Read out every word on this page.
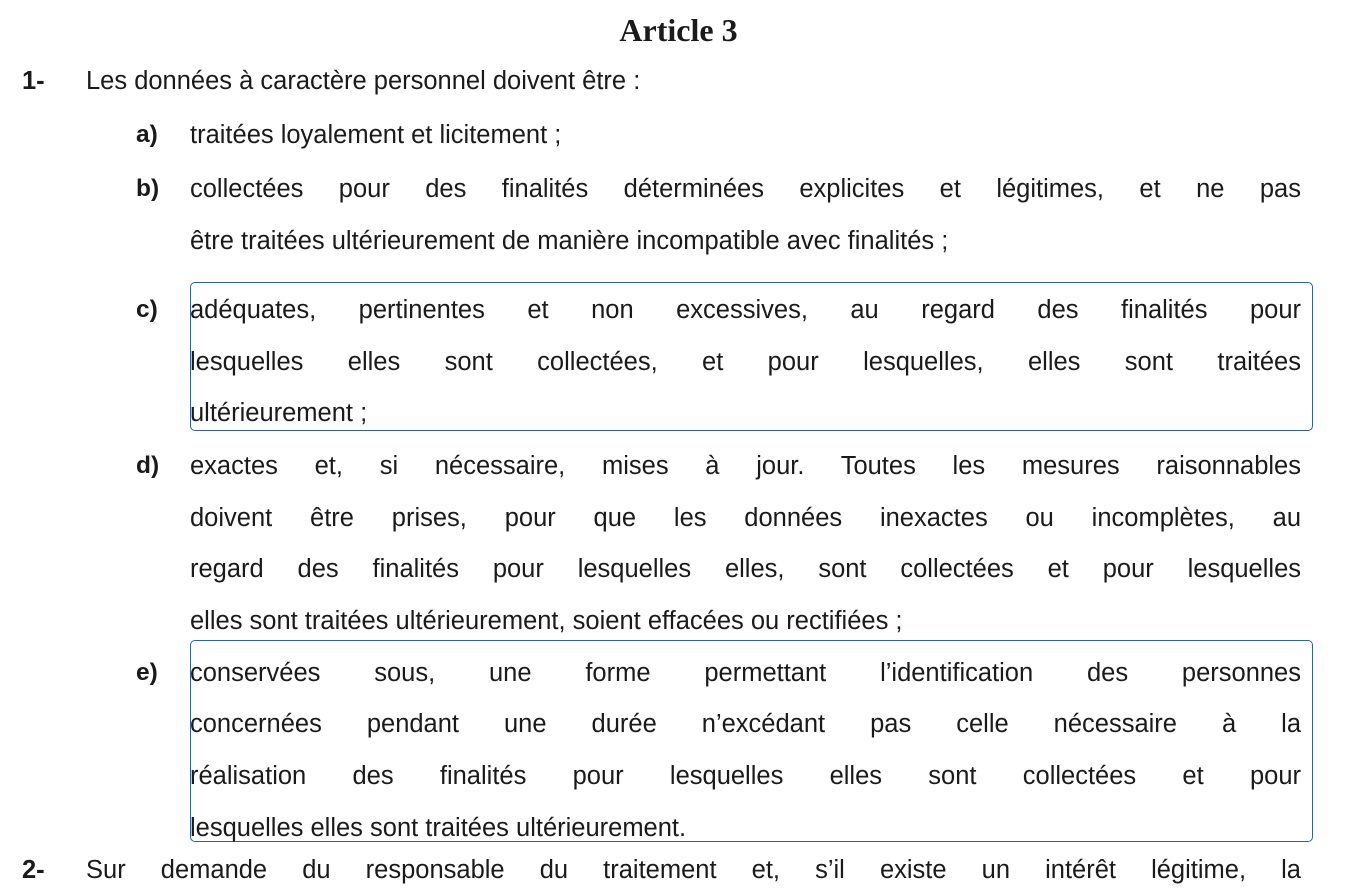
Article 3
1- Les données à caractère personnel doivent être :
a) traitées loyalement et licitement ;
b) collectées pour des finalités déterminées explicites et légitimes, et ne pas
être traitées ultérieurement de manière incompatible avec finalités ;
c) adéquates, pertinentes et non excessives, au regard des finalités pour
lesquelles elles sont collectées, et pour lesquelles, elles sont traitées
ultérieurement ;
d) exactes et, si nécessaire, mises à jour. Toutes les mesures raisonnables
doivent être prises, pour que les données inexactes ou incomplètes, au
regard des finalités pour lesquelles elles, sont collectées et pour lesquelles
elles sont traitées ultérieurement, soient effacées ou rectifiées ;
e) conservées sous, une forme permettant l’identification des personnes
concernées pendant une durée n’excédant pas celle nécessaire à la
réalisation des finalités pour lesquelles elles sont collectées et pour
lesquelles elles sont traitées ultérieurement.
2- Sur demande du responsable du traitement et, s’il existe un intérêt légitime, la
